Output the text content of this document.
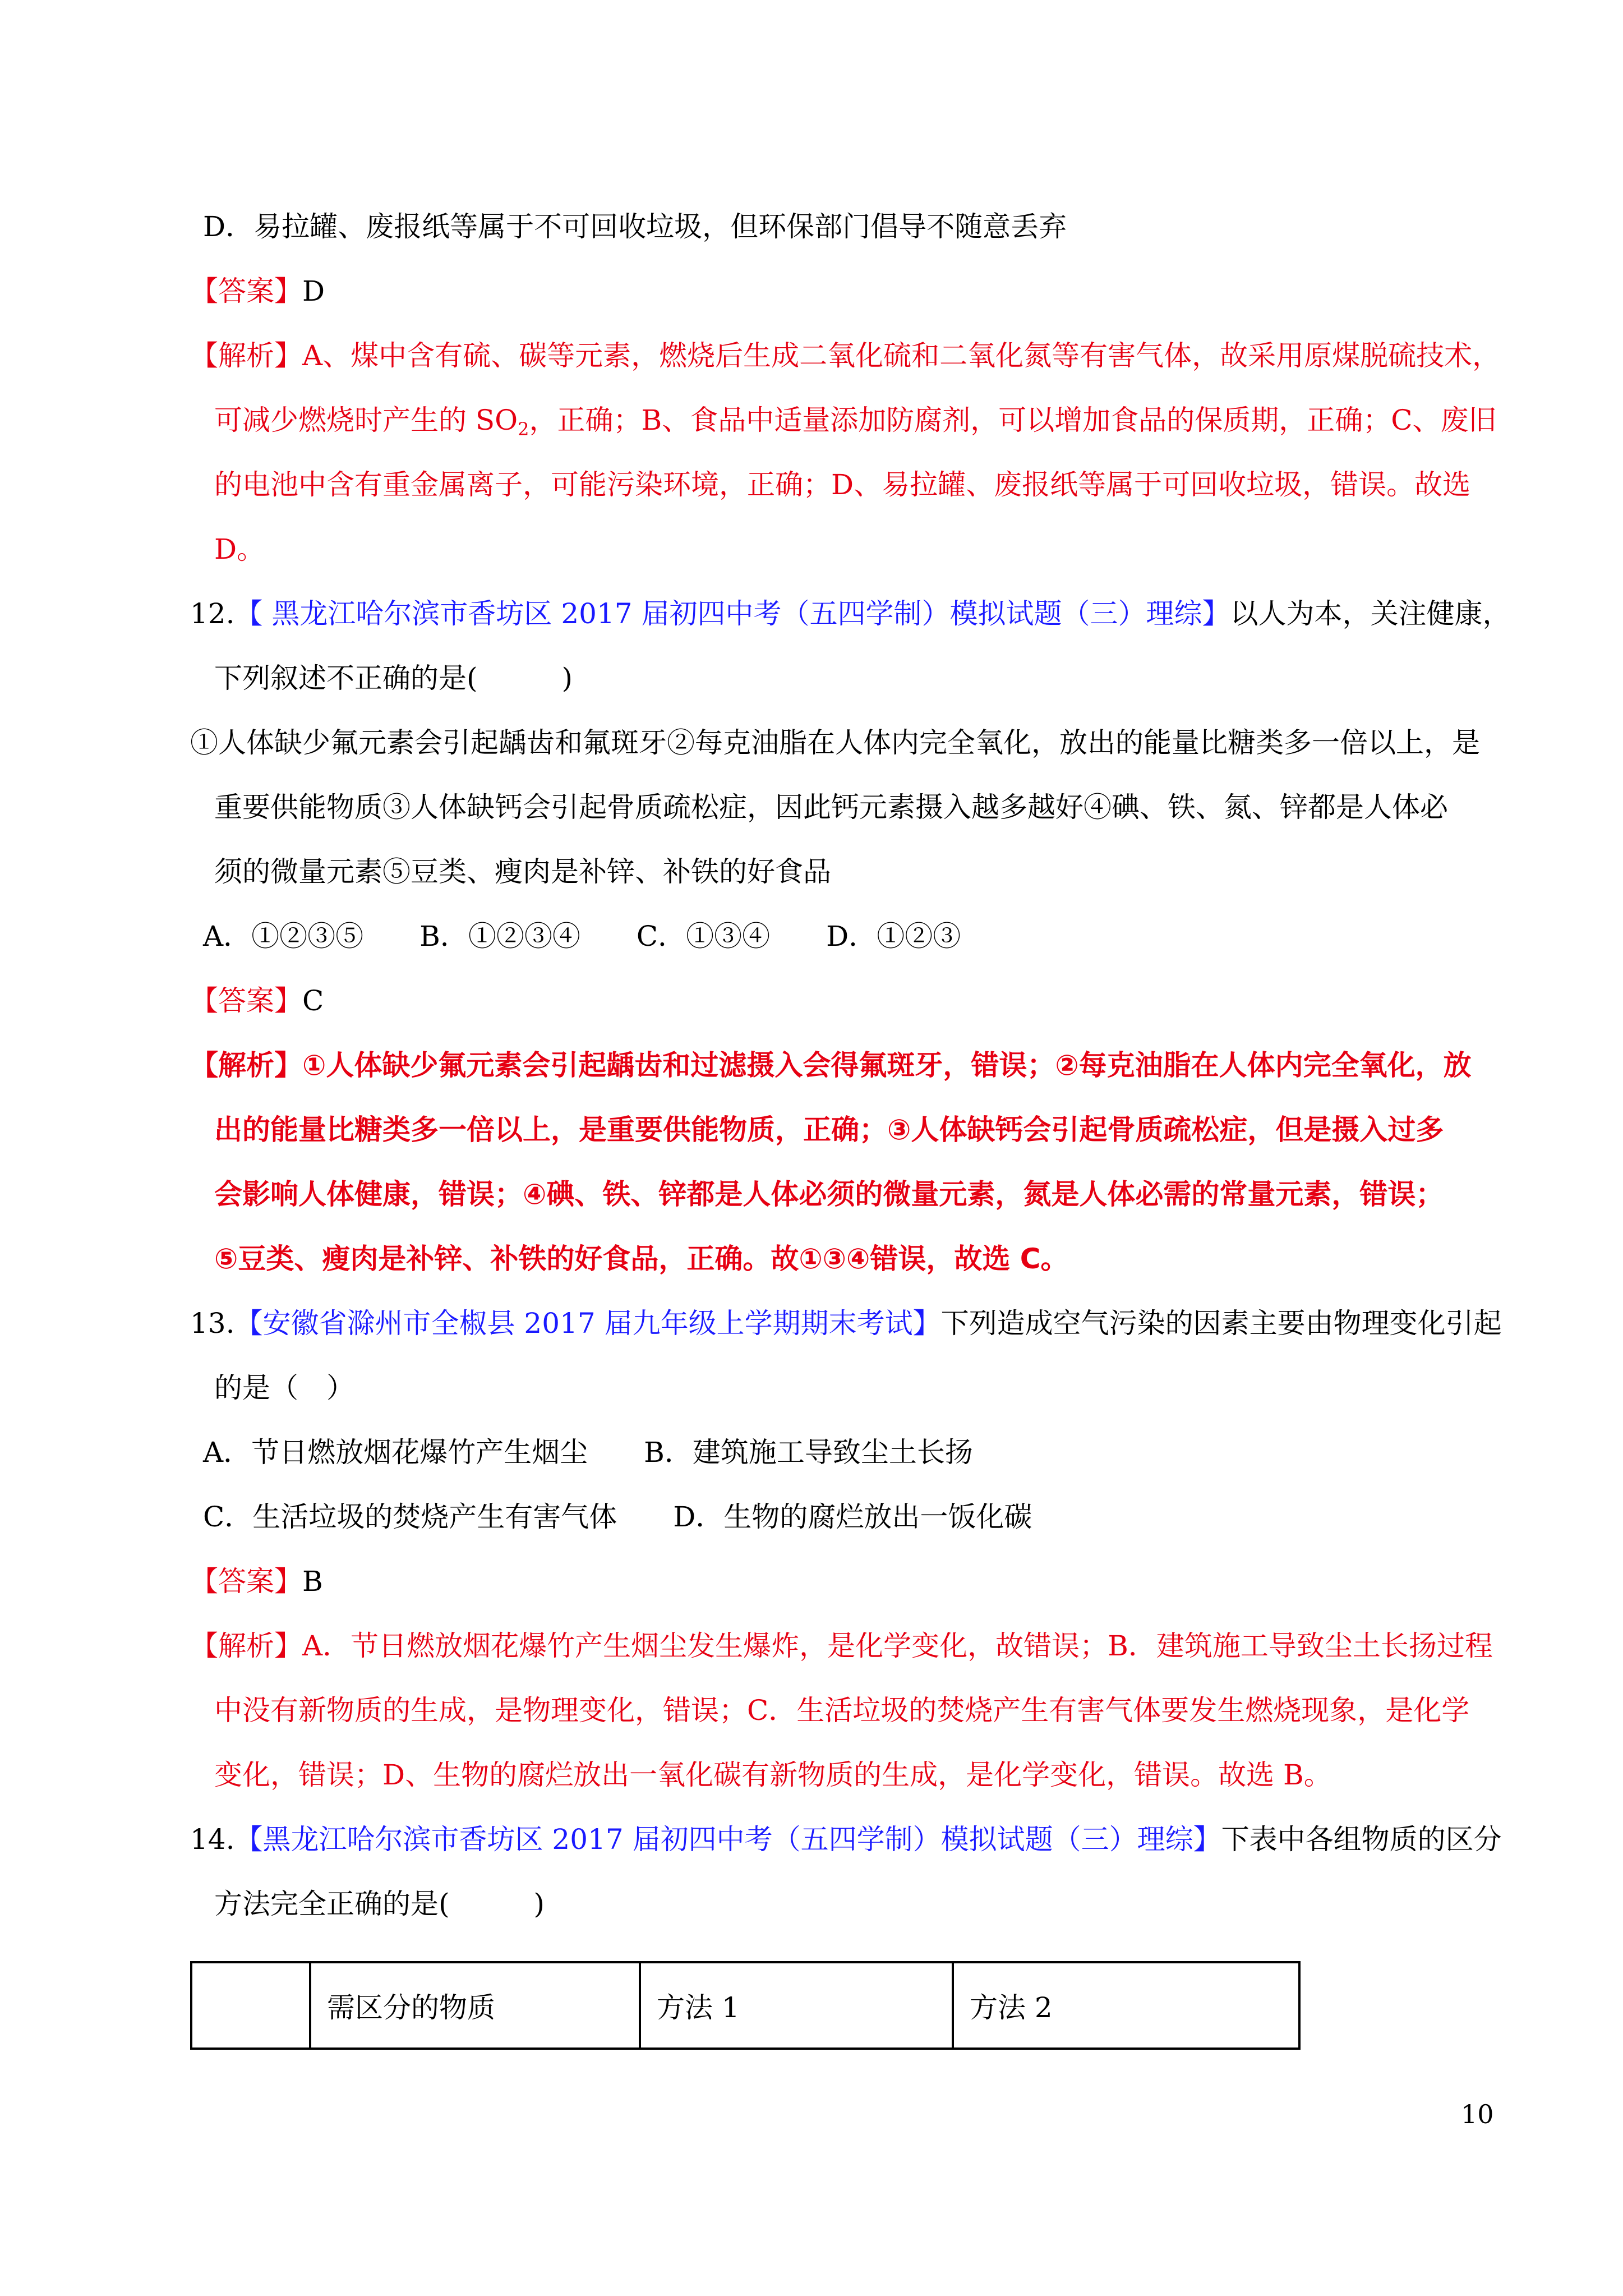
D．易拉罐、废报纸等属于不可回收垃圾，但环保部门倡导不随意丢弃
【答案】D
【解析】A、煤中含有硫、碳等元素，燃烧后生成二氧化硫和二氧化氮等有害气体，故采用原煤脱硫技术，
可减少燃烧时产生的 $SO_2$，正确；B、食品中适量添加防腐剂，可以增加食品的保质期，正确；C、废旧
的电池中含有重金属离子，可能污染环境，正确；D、易拉罐、废报纸等属于可回收垃圾，错误。故选
D。
12.【 黑龙江哈尔滨市香坊区 2017 届初四中考（五四学制）模拟试题（三）理综】以人为本，关注健康，
下列叙述不正确的是(　　　)
①人体缺少氟元素会引起龋齿和氟斑牙②每克油脂在人体内完全氧化，放出的能量比糖类多一倍以上，是
重要供能物质③人体缺钙会引起骨质疏松症，因此钙元素摄入越多越好④碘、铁、氮、锌都是人体必
须的微量元素⑤豆类、瘦肉是补锌、补铁的好食品
A．①②③⑤　　B．①②③④　　C．①③④　　D．①②③
【答案】C
【解析】①人体缺少氟元素会引起龋齿和过滤摄入会得氟斑牙，错误；②每克油脂在人体内完全氧化，放
出的能量比糖类多一倍以上，是重要供能物质，正确；③人体缺钙会引起骨质疏松症，但是摄入过多
会影响人体健康，错误；④碘、铁、锌都是人体必须的微量元素，氮是人体必需的常量元素，错误；
⑤豆类、瘦肉是补锌、补铁的好食品，正确。故①③④错误，故选 C。
13.【安徽省滁州市全椒县 2017 届九年级上学期期末考试】下列造成空气污染的因素主要由物理变化引起
的是（　）
A．节日燃放烟花爆竹产生烟尘　　B．建筑施工导致尘土长扬
C．生活垃圾的焚烧产生有害气体　　D．生物的腐烂放出一饭化碳
【答案】B
【解析】A．节日燃放烟花爆竹产生烟尘发生爆炸，是化学变化，故错误；B．建筑施工导致尘土长扬过程
中没有新物质的生成，是物理变化，错误；C．生活垃圾的焚烧产生有害气体要发生燃烧现象，是化学
变化，错误；D、生物的腐烂放出一氧化碳有新物质的生成，是化学变化，错误。故选 B。
14.【黑龙江哈尔滨市香坊区 2017 届初四中考（五四学制）模拟试题（三）理综】下表中各组物质的区分
方法完全正确的是(　　　)
	需区分的物质	方法 1	方法 2
10
